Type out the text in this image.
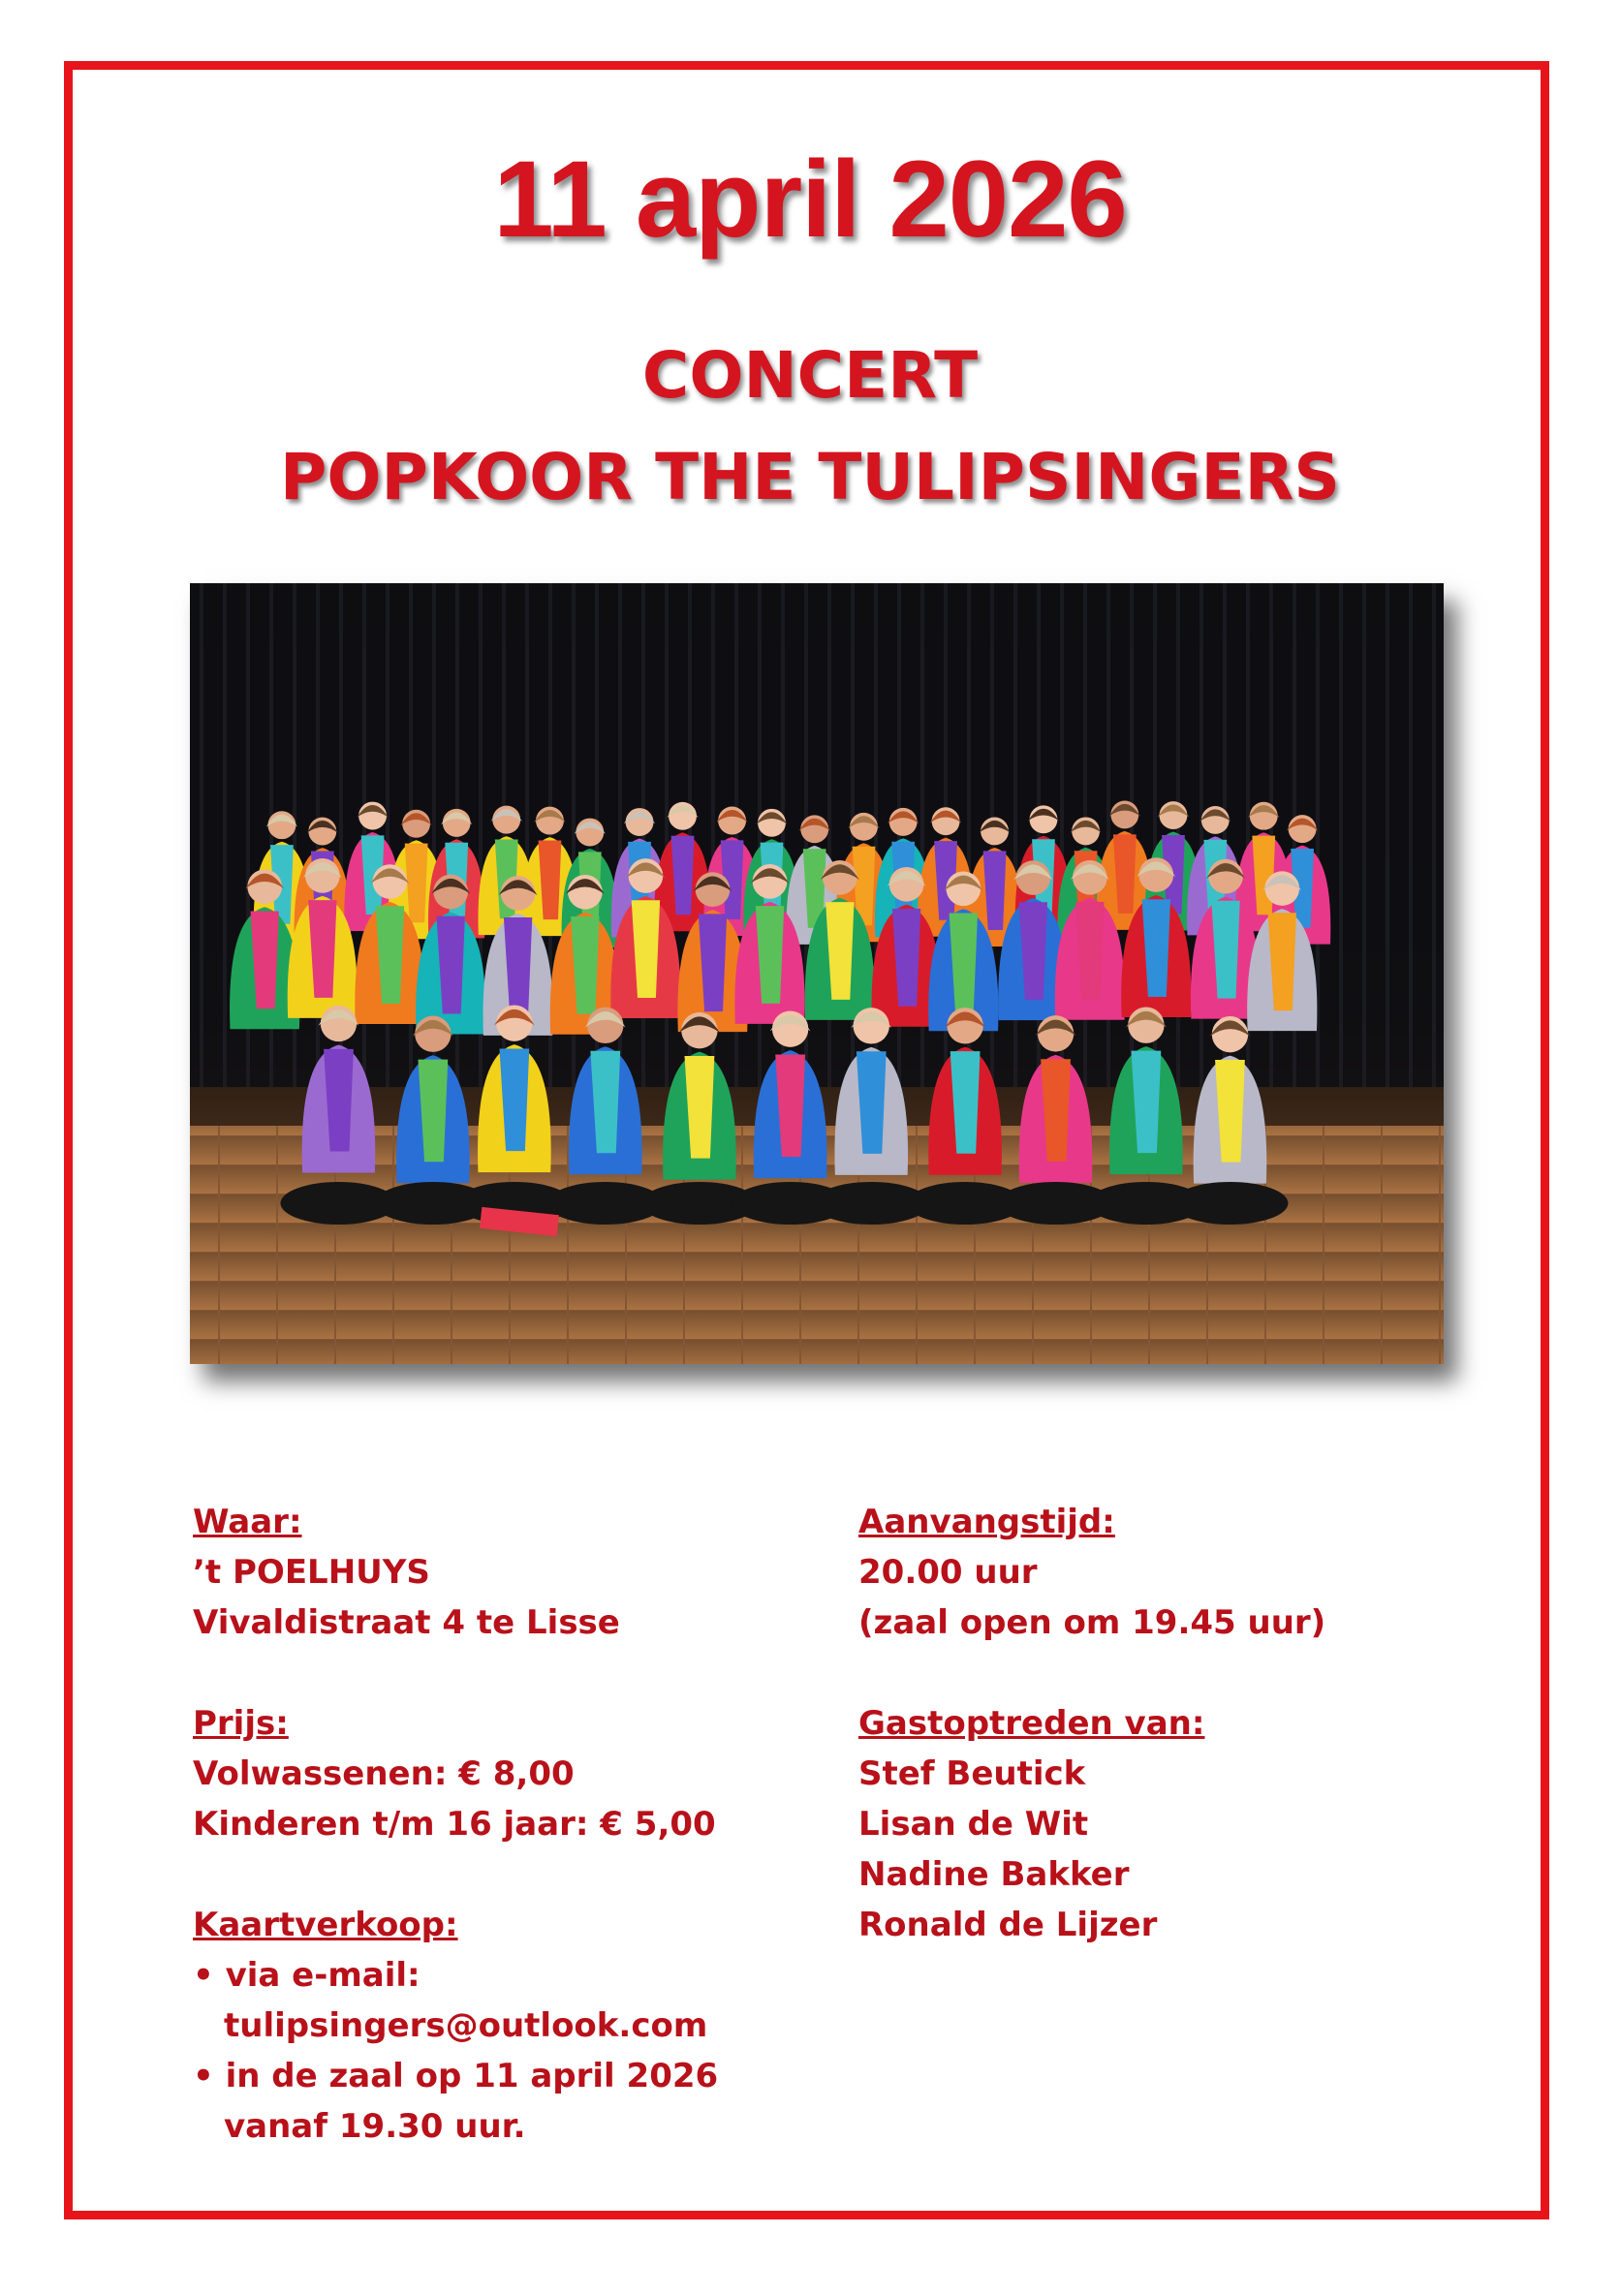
11 april 2026
CONCERT
POPKOOR THE TULIPSINGERS
Waar:
’t POELHUYS
Vivaldistraat 4 te Lisse
Prijs:
Volwassenen: € 8,00
Kinderen t/m 16 jaar: € 5,00
Kaartverkoop:
• via e-mail:
tulipsingers@outlook.com
• in de zaal op 11 april 2026
vanaf 19.30 uur.
Aanvangstijd:
20.00 uur
(zaal open om 19.45 uur)
Gastoptreden van:
Stef Beutick
Lisan de Wit
Nadine Bakker
Ronald de Lijzer
